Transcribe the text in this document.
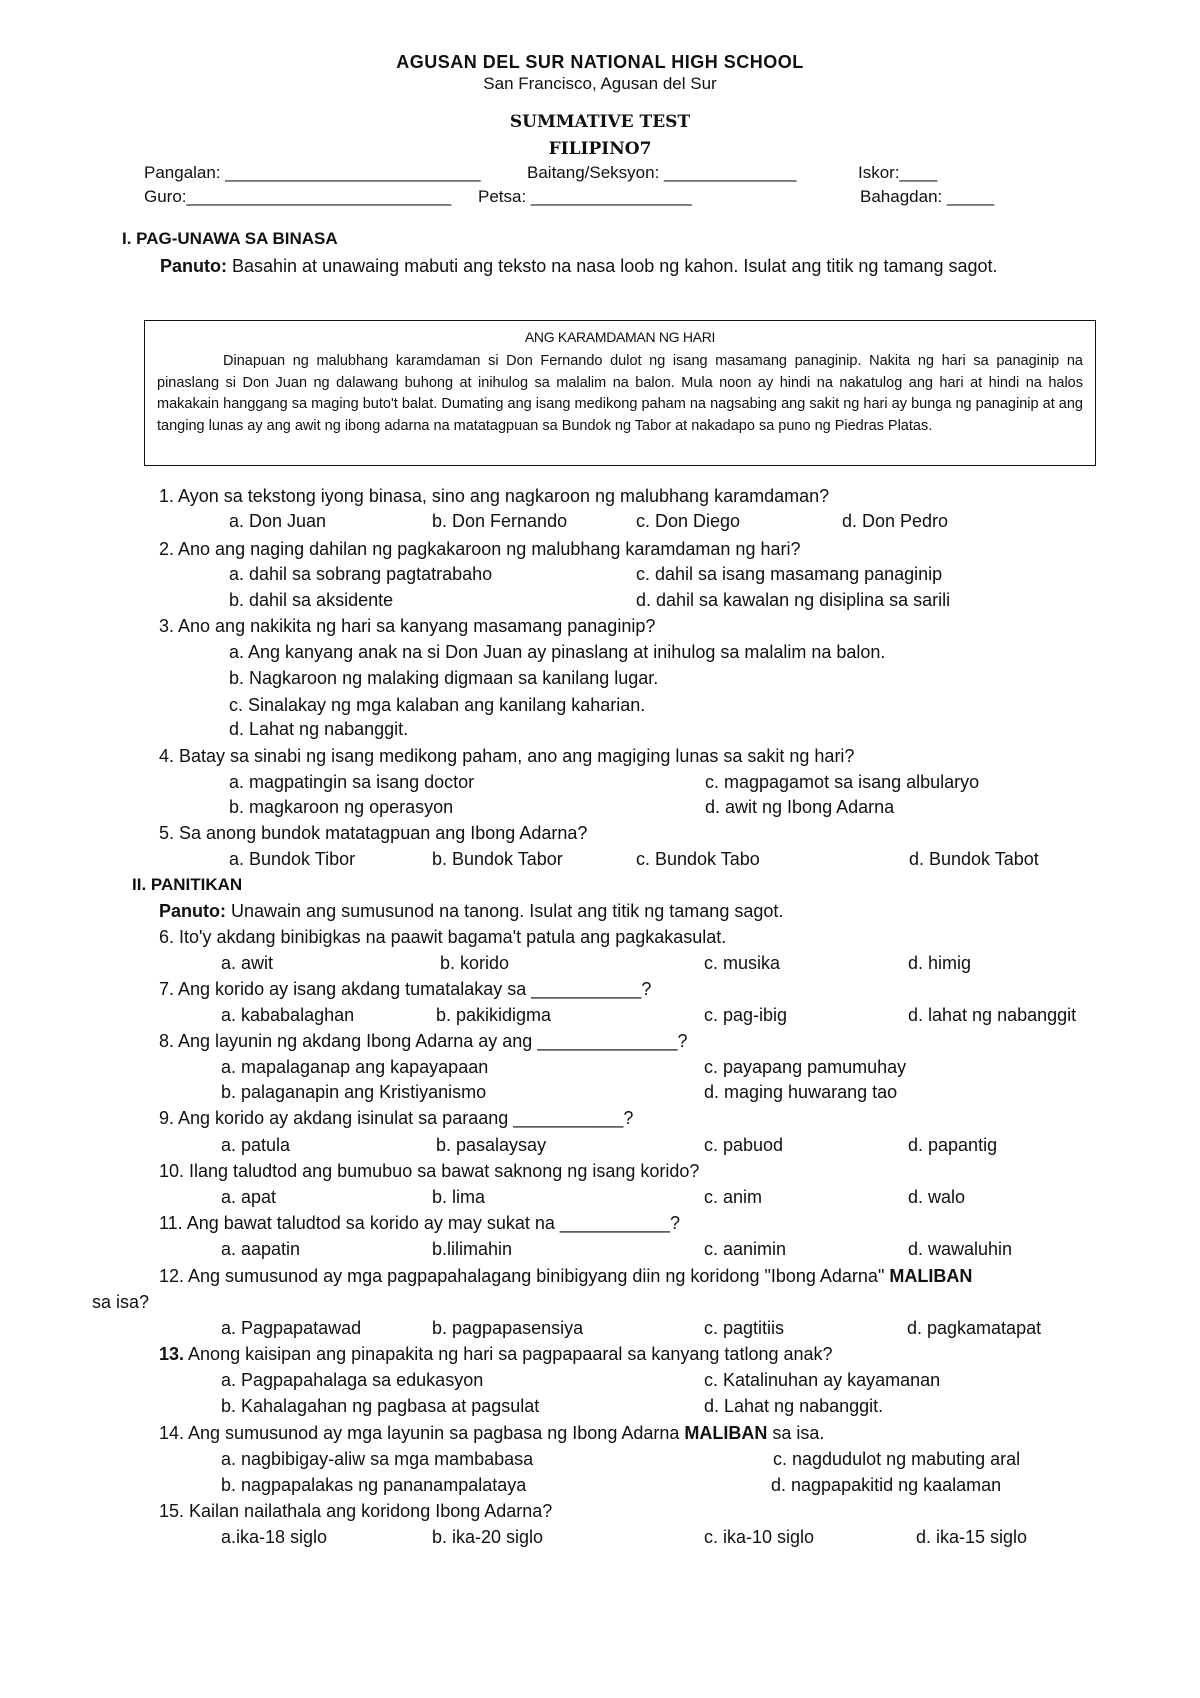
AGUSAN DEL SUR NATIONAL HIGH SCHOOL
San Francisco, Agusan del Sur
SUMMATIVE TEST
FILIPINO7
Pangalan: ___________________________	Baitang/Seksyon: ______________	Iskor:____
Guro:____________________________ Petsa: _________________	Bahagdan: _____
I. PAG-UNAWA SA BINASA
Panuto: Basahin at unawaing mabuti ang teksto na nasa loob ng kahon. Isulat ang titik ng tamang sagot.
ANG KARAMDAMAN NG HARI
Dinapuan ng malubhang karamdaman si Don Fernando dulot ng isang masamang panaginip. Nakita ng hari sa panaginip na pinaslang si Don Juan ng dalawang buhong at inihulog sa malalim na balon. Mula noon ay hindi na nakatulog ang hari at hindi na halos makakain hanggang sa maging buto't balat. Dumating ang isang medikong paham na nagsabing ang sakit ng hari ay bunga ng panaginip at ang tanging lunas ay ang awit ng ibong adarna na matatagpuan sa Bundok ng Tabor at nakadapo sa puno ng Piedras Platas.
1. Ayon sa tekstong iyong binasa, sino ang nagkaroon ng malubhang karamdaman?
a. Don Juan	b. Don Fernando	c. Don Diego	d. Don Pedro
2. Ano ang naging dahilan ng pagkakaroon ng malubhang karamdaman ng hari?
a. dahil sa sobrang pagtatrabaho	c. dahil sa isang masamang panaginip
b. dahil sa aksidente	d. dahil sa kawalan ng disiplina sa sarili
3. Ano ang nakikita ng hari sa kanyang masamang panaginip?
a. Ang kanyang anak na si Don Juan ay pinaslang at inihulog sa malalim na balon.
b. Nagkaroon ng malaking digmaan sa kanilang lugar.
c. Sinalakay ng mga kalaban ang kanilang kaharian.
d. Lahat ng nabanggit.
4. Batay sa sinabi ng isang medikong paham, ano ang magiging lunas sa sakit ng hari?
a. magpatingin sa isang doctor	c. magpagamot sa isang albularyo
b. magkaroon ng operasyon	d. awit ng Ibong Adarna
5. Sa anong bundok matatagpuan ang Ibong Adarna?
a. Bundok Tibor	b. Bundok Tabor	c. Bundok Tabo	d. Bundok Tabot
II. PANITIKAN
Panuto: Unawain ang sumusunod na tanong. Isulat ang titik ng tamang sagot.
6. Ito'y akdang binibigkas na paawit bagama't patula ang pagkakasulat.
a. awit	b. korido	c. musika	d. himig
7. Ang korido ay isang akdang tumatalakay sa ___________?
a. kababalaghan	b. pakikidigma	c. pag-ibig	d. lahat ng nabanggit
8. Ang layunin ng akdang Ibong Adarna ay ang ______________?
a. mapalaganap ang kapayapaan	c. payapang pamumuhay
b. palaganapin ang Kristiyanismo	d. maging huwarang tao
9. Ang korido ay akdang isinulat sa paraang ___________?
a. patula	b. pasalaysay	c. pabuod	d. papantig
10. Ilang taludtod ang bumubuo sa bawat saknong ng isang korido?
a. apat	b. lima	c. anim	d. walo
11. Ang bawat taludtod sa korido ay may sukat na ___________?
a. aapatin	b.lilimahin	c. aanimin	d. wawaluhin
12. Ang sumusunod ay mga pagpapahalagang binibigyang diin ng koridong "Ibong Adarna" MALIBAN
sa isa?
a. Pagpapatawad	b. pagpapasensiya	c. pagtitiis	d. pagkamatapat
13. Anong kaisipan ang pinapakita ng hari sa pagpapaaral sa kanyang tatlong anak?
a. Pagpapahalaga sa edukasyon	c. Katalinuhan ay kayamanan
b. Kahalagahan ng pagbasa at pagsulat	d. Lahat ng nabanggit.
14. Ang sumusunod ay mga layunin sa pagbasa ng Ibong Adarna MALIBAN sa isa.
a. nagbibigay-aliw sa mga mambabasa	c. nagdudulot ng mabuting aral
b. nagpapalakas ng pananampalataya	d. nagpapakitid ng kaalaman
15. Kailan nailathala ang koridong Ibong Adarna?
a.ika-18 siglo	b. ika-20 siglo	c. ika-10 siglo	d. ika-15 siglo
